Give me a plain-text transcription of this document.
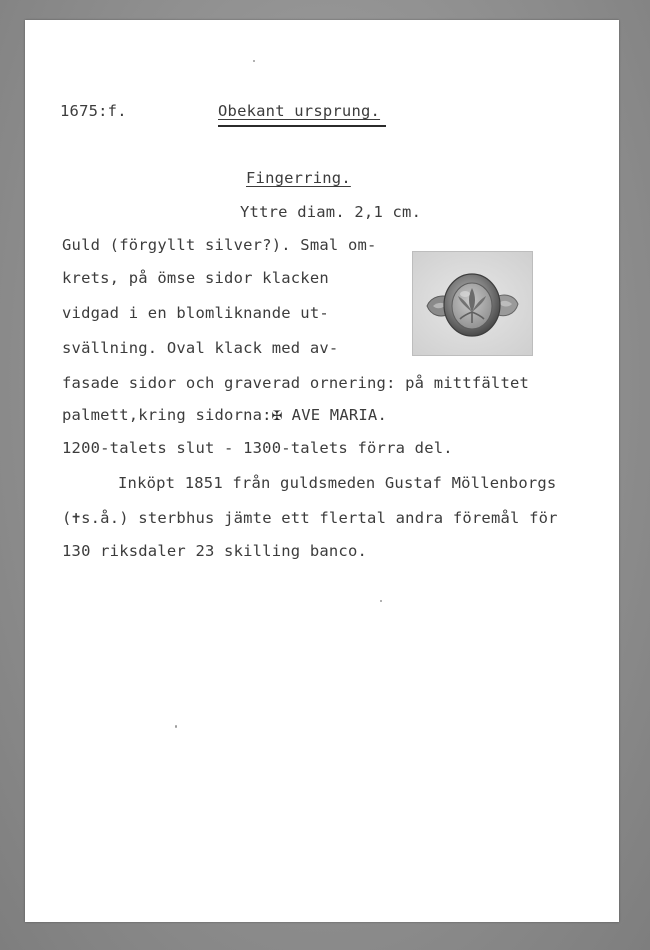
1675:f.	Obekant ursprung.
Fingerring.
Yttre diam. 2,1 cm.
Guld (förgyllt silver?). Smal om-
krets, på ömse sidor klacken
vidgad i en blomliknande ut-
svällning. Oval klack med av-
fasade sidor och graverad ornering: på mittfältet
palmett,kring sidorna:✠ AVE MARIA.
1200-talets slut - 1300-talets förra del.
Inköpt 1851 från guldsmeden Gustaf Möllenborgs
(✝s.å.) sterbhus jämte ett flertal andra föremål för
130 riksdaler 23 skilling banco.
